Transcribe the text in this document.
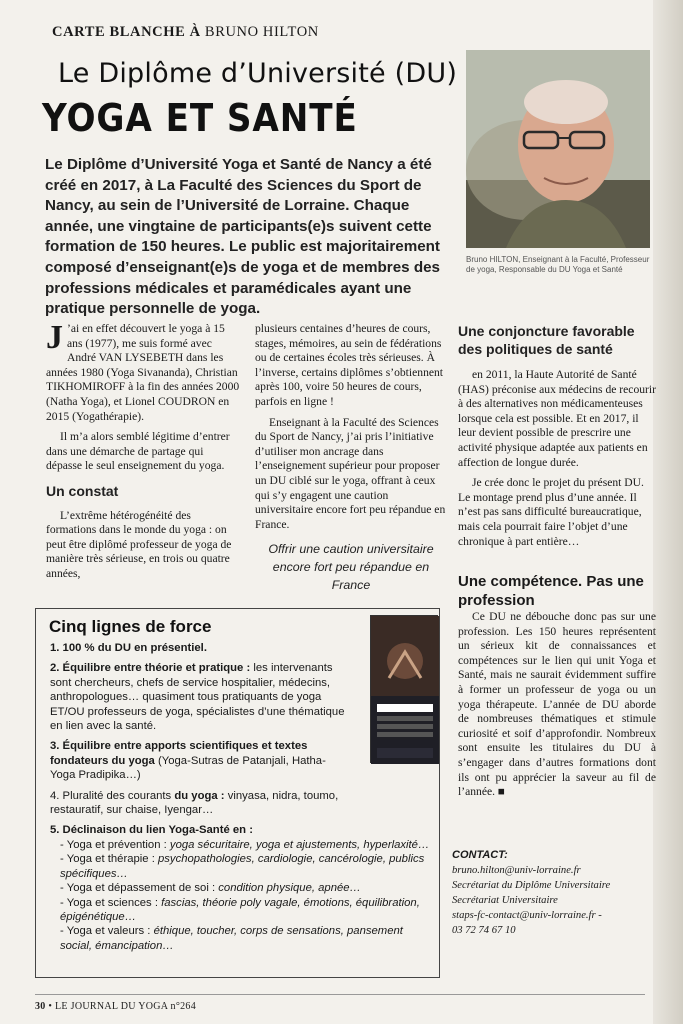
CARTE BLANCHE À BRUNO HILTON
Le Diplôme d’Université (DU)
YOGA ET SANTÉ
Le Diplôme d’Université Yoga et Santé de Nancy a été créé en 2017, à La Faculté des Sciences du Sport de Nancy, au sein de l’Université de Lorraine. Chaque année, une vingtaine de participants(e)s suivent cette formation de 150 heures. Le public est majoritairement composé d’enseignant(e)s de yoga et de membres des professions médicales et paramédicales ayant une pratique personnelle de yoga.
Bruno HILTON, Enseignant à la Faculté, Professeur de yoga, Responsable du DU Yoga et Santé

J ’ai en effet découvert le yoga à 15 ans (1977), me suis formé avec André VAN LYSEBETH dans les années 1980 (Yoga Sivananda), Christian TIKHOMIROFF à la fin des années 2000 (Natha Yoga), et Lionel COUDRON en 2015 (Yogathérapie).

Il m’a alors semblé légitime d’entrer dans une démarche de partage qui dépasse le seul enseignement du yoga.

Un constat

L’extrême hétérogénéité des formations dans le monde du yoga : on peut être diplômé professeur de yoga de manière très sérieuse, en trois ou quatre années,

plusieurs centaines d’heures de cours, stages, mémoires, au sein de fédérations ou de certaines écoles très sérieuses. À l’inverse, certains diplômes s’obtiennent après 100, voire 50 heures de cours, parfois en ligne !

Enseignant à la Faculté des Sciences du Sport de Nancy, j’ai pris l’initiative d’utiliser mon ancrage dans l’enseignement supérieur pour proposer un DU ciblé sur le yoga, offrant à ceux qui s’y engagent une caution universitaire encore fort peu répandue en France.

Offrir une caution universitaire encore fort peu répandue en France
Une conjoncture favorable des politiques de santé

en 2011, la Haute Autorité de Santé (HAS) préconise aux médecins de recourir à des alternatives non médicamenteuses lorsque cela est possible. Et en 2017, il leur devient possible de prescrire une activité physique adaptée aux patients en affection de longue durée.

Je crée donc le projet du présent DU. Le montage prend plus d’une année. Il n’est pas sans difficulté bureaucratique, mais cela pourrait faire l’objet d’une chronique à part entière…

Une compétence. Pas une profession

Ce DU ne débouche donc pas sur une profession. Les 150 heures représentent un sérieux kit de connaissances et compétences sur le lien qui unit Yoga et Santé, mais ne saurait évidemment suffire à former un professeur de yoga ou un yoga thérapeute. L’année de DU aborde de nombreuses thématiques et stimule curiosité et soif d’approfondir. Nombreux sont ensuite les titulaires du DU à s’engager dans d’autres formations dont ils ont pu apprécier la saveur au fil de l’année. ■

Cinq lignes de force
1. 100 % du DU en présentiel.
2. Équilibre entre théorie et pratique : les intervenants sont chercheurs, chefs de service hospitalier, médecins, anthropologues… quasiment tous pratiquants de yoga ET/OU professeurs de yoga, spécialistes d’une thématique en lien avec la santé.
3. Équilibre entre apports scientifiques et textes fondateurs du yoga (Yoga-Sutras de Patanjali, Hatha-Yoga Pradipika…)
4. Pluralité des courants du yoga : vinyasa, nidra, toumo, restauratif, sur chaise, Iyengar…
5. Déclinaison du lien Yoga-Santé en :
- Yoga et prévention : yoga sécuritaire, yoga et ajustements, hyperlaxité…
- Yoga et thérapie : psychopathologies, cardiologie, cancérologie, publics spécifiques…
- Yoga et dépassement de soi : condition physique, apnée…
- Yoga et sciences : fascias, théorie poly vagale, émotions, équilibration, épigénétique…
- Yoga et valeurs : éthique, toucher, corps de sensations, pansement social, émancipation…
CONTACT:
bruno.hilton@univ-lorraine.fr
Secrétariat du Diplôme Universitaire
Secrétariat Universitaire
staps-fc-contact@univ-lorraine.fr -
03 72 74 67 10
30 • LE JOURNAL DU YOGA n°264
